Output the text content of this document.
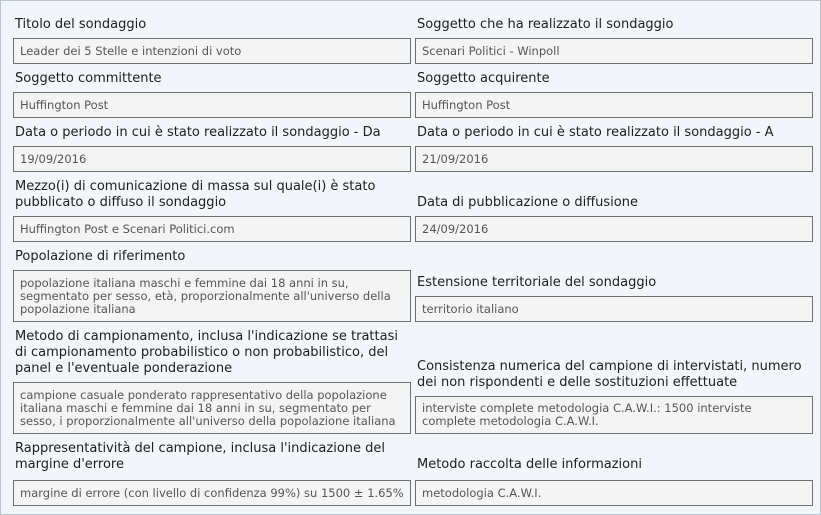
Titolo del sondaggio
Leader dei 5 Stelle e intenzioni di voto
Soggetto committente
Huffington Post
Data o periodo in cui è stato realizzato il sondaggio - Da
19/09/2016
Mezzo(i) di comunicazione di massa sul quale(i) è stato
pubblicato o diffuso il sondaggio
Huffington Post e Scenari Politici.com
Popolazione di riferimento
popolazione italiana maschi e femmine dai 18 anni in su,
segmentato per sesso, età, proporzionalmente all'universo della
popolazione italiana
Metodo di campionamento, inclusa l'indicazione se trattasi
di campionamento probabilistico o non probabilistico, del
panel e l'eventuale ponderazione
campione casuale ponderato rappresentativo della popolazione
italiana maschi e femmine dai 18 anni in su, segmentato per
sesso, i proporzionalmente all'universo della popolazione italiana
Rappresentatività del campione, inclusa l'indicazione del
margine d'errore
margine di errore (con livello di confidenza 99%) su 1500 ± 1.65%
Soggetto che ha realizzato il sondaggio
Scenari Politici - Winpoll
Soggetto acquirente
Huffington Post
Data o periodo in cui è stato realizzato il sondaggio - A
21/09/2016
Data di pubblicazione o diffusione
24/09/2016
Estensione territoriale del sondaggio
territorio italiano
Consistenza numerica del campione di intervistati, numero
dei non rispondenti e delle sostituzioni effettuate
interviste complete metodologia C.A.W.I.: 1500 interviste
complete metodologia C.A.W.I.
Metodo raccolta delle informazioni
metodologia C.A.W.I.
